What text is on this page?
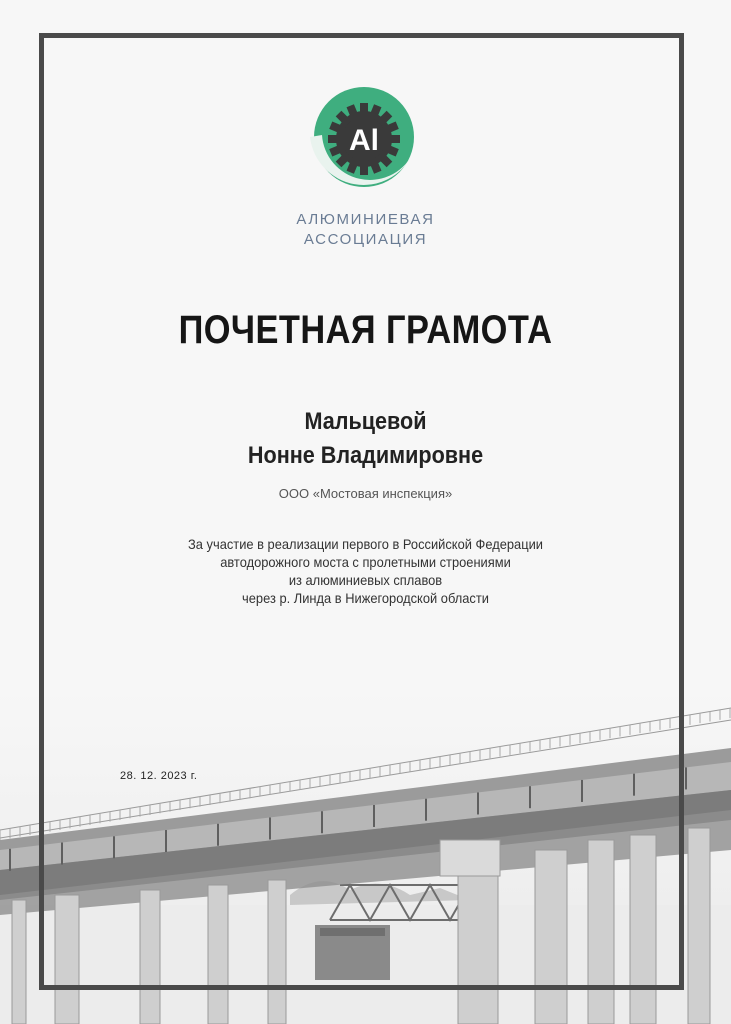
Al
АЛЮМИНИЕВАЯ
АССОЦИАЦИЯ
ПОЧЕТНАЯ ГРАМОТА
Мальцевой
Нонне Владимировне
ООО «Мостовая инспекция»
За участие в реализации первого в Российской Федерации
автодорожного моста с пролетными строениями
из алюминиевых сплавов
через р. Линда в Нижегородской области
28. 12. 2023 г.
